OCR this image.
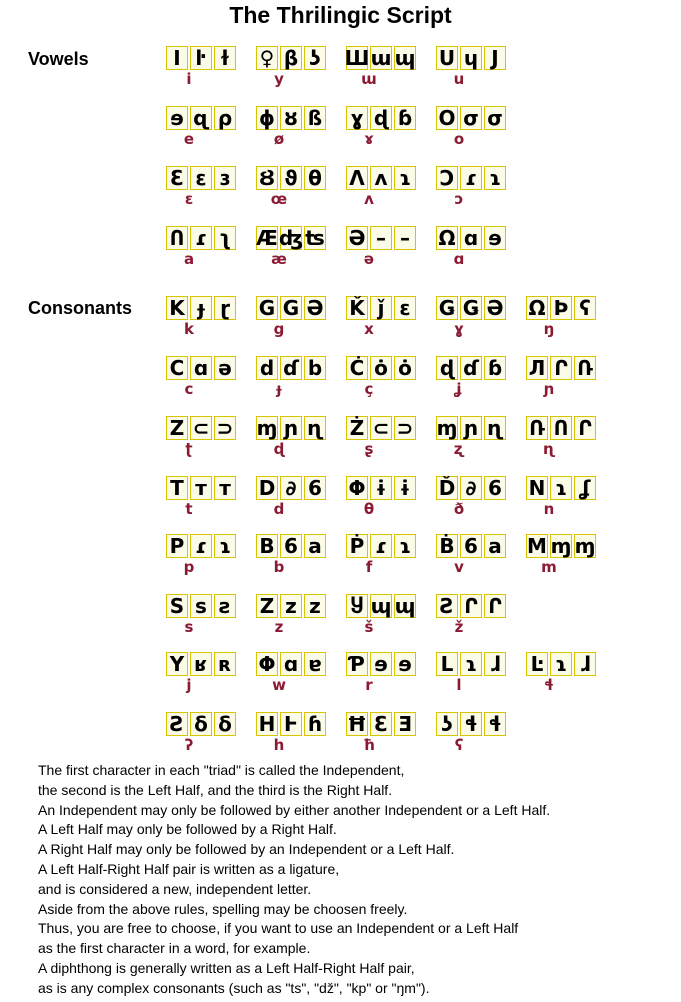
The Thrilingic Script
Vowels
Consonants
I ŀ ɫ
i
♀ β ʖ
y
Ш ɯ ɰ
ɯ
U ɥ J
u
ɘ ɋ ρ
e
ɸ ȣ ß
ø
ɣ ɖ ɓ
ɤ
O σ σ
o
Ɛ ε ɜ
ɛ
Ȣ ϑ θ
œ
Λ ʌ ɿ
ʌ
Ͻ ɾ ɿ
ɔ
Ո ɾ ʅ
a
Æ ʤ ʦ
æ
Ə – –
ə
Ω ɑ ɘ
ɑ
K ɟ ɽ
k
G G Ə
g
Ǩ ǰ ɛ
x
Ǥ Ǥ Ə
ɣ
Ω Ϸ ʕ
ŋ
C ɑ ə
c
d ɗ b
ɟ
Ċ ȯ ȯ
ç
ɖ ɗ ɓ
ʝ
Л Ր Ռ
ɲ
Z ⊂ ⊃
ʈ
ɱ ɲ ɳ
ɖ
Ż ⊂ ⊃
ʂ
ɱ ɲ ɳ
ʐ
Ռ Ո Ր
ɳ
T т т
t
D ∂ 6
d
Φ ɨ ɨ
θ
Ď ∂ 6
ð
N ɿ ʆ
n
P ɾ ɿ
p
B 6 a
b
Ṗ ɾ ɿ
f
Ḃ 6 a
v
M ɱ ɱ
m
S s ƨ
s
Z z z
z
Ⴘ ɰ ɰ
š
Ƨ Ր Ր
ž
Y ʁ ʀ
j
Φ ɑ ɐ
w
Ƥ ɘ ɘ
r
L ɿ ɺ
l
Ŀ ɿ ɺ
ɬ
Ƨ δ δ
ʔ
H Ͱ ɦ
h
Ħ Ɛ Ǝ
ħ
ʖ ɬ ɬ
ʕ
The first character in each "triad" is called the Independent,
the second is the Left Half, and the third is the Right Half.
An Independent may only be followed by either another Independent or a Left Half.
A Left Half may only be followed by a Right Half.
A Right Half may only be followed by an Independent or a Left Half.
A Left Half-Right Half pair is written as a ligature,
and is considered a new, independent letter.
Aside from the above rules, spelling may be choosen freely.
Thus, you are free to choose, if you want to use an Independent or a Left Half
as the first character in a word, for example.
A diphthong is generally written as a Left Half-Right Half pair,
as is any complex consonants (such as "ts", "dž", "kp" or "ŋm").
